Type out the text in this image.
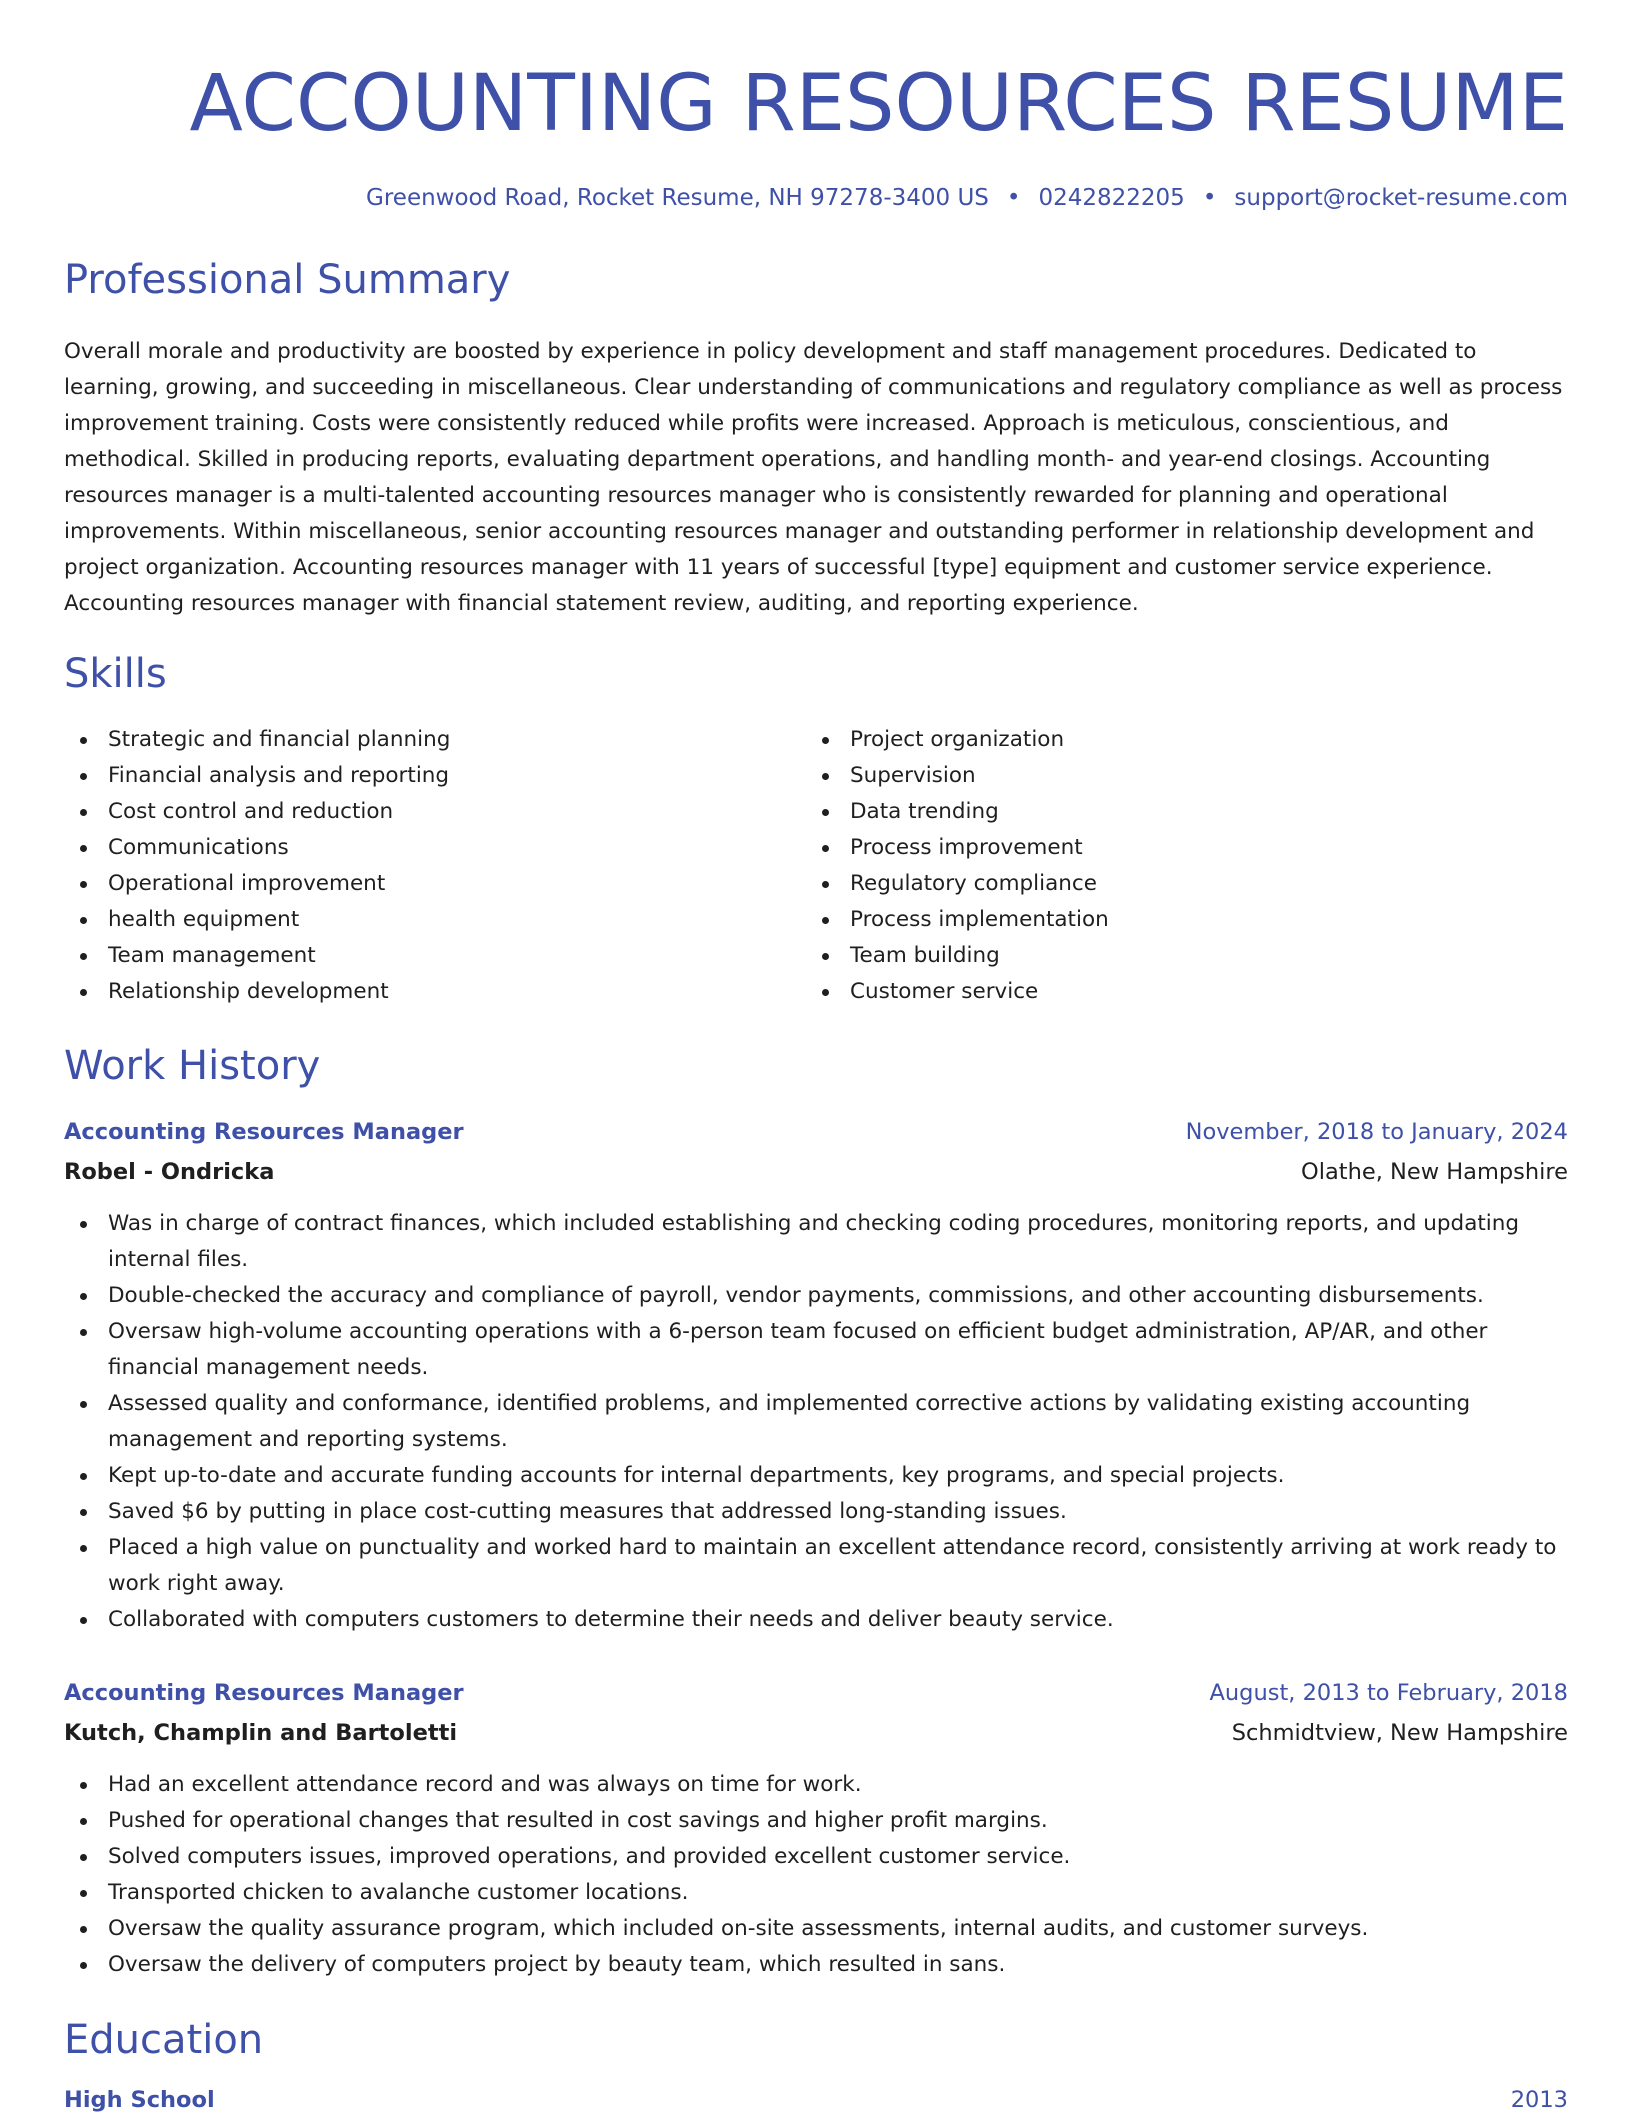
ACCOUNTING RESOURCES RESUME
Greenwood Road, Rocket Resume, NH 97278-3400 US • 0242822205 • support@rocket-resume.com
Professional Summary

Overall morale and productivity are boosted by experience in policy development and staff management procedures. Dedicated to learning, growing, and succeeding in miscellaneous. Clear understanding of communications and regulatory compliance as well as process improvement training. Costs were consistently reduced while profits were increased. Approach is meticulous, conscientious, and methodical. Skilled in producing reports, evaluating department operations, and handling month- and year-end closings. Accounting resources manager is a multi-talented accounting resources manager who is consistently rewarded for planning and operational improvements. Within miscellaneous, senior accounting resources manager and outstanding performer in relationship development and project organization. Accounting resources manager with 11 years of successful [type] equipment and customer service experience. Accounting resources manager with financial statement review, auditing, and reporting experience.

Skills
Strategic and financial planning
Financial analysis and reporting
Cost control and reduction
Communications
Operational improvement
health equipment
Team management
Relationship development
Project organization
Supervision
Data trending
Process improvement
Regulatory compliance
Process implementation
Team building
Customer service
Work History
Accounting Resources Manager	November, 2018 to January, 2024
Robel - Ondricka	Olathe, New Hampshire
Was in charge of contract finances, which included establishing and checking coding procedures, monitoring reports, and updating internal files.
Double-checked the accuracy and compliance of payroll, vendor payments, commissions, and other accounting disbursements.
Oversaw high-volume accounting operations with a 6-person team focused on efficient budget administration, AP/AR, and other financial management needs.
Assessed quality and conformance, identified problems, and implemented corrective actions by validating existing accounting management and reporting systems.
Kept up-to-date and accurate funding accounts for internal departments, key programs, and special projects.
Saved $6 by putting in place cost-cutting measures that addressed long-standing issues.
Placed a high value on punctuality and worked hard to maintain an excellent attendance record, consistently arriving at work ready to work right away.
Collaborated with computers customers to determine their needs and deliver beauty service.
Accounting Resources Manager	August, 2013 to February, 2018
Kutch, Champlin and Bartoletti	Schmidtview, New Hampshire
Had an excellent attendance record and was always on time for work.
Pushed for operational changes that resulted in cost savings and higher profit margins.
Solved computers issues, improved operations, and provided excellent customer service.
Transported chicken to avalanche customer locations.
Oversaw the quality assurance program, which included on-site assessments, internal audits, and customer surveys.
Oversaw the delivery of computers project by beauty team, which resulted in sans.
Education
High School	2013
